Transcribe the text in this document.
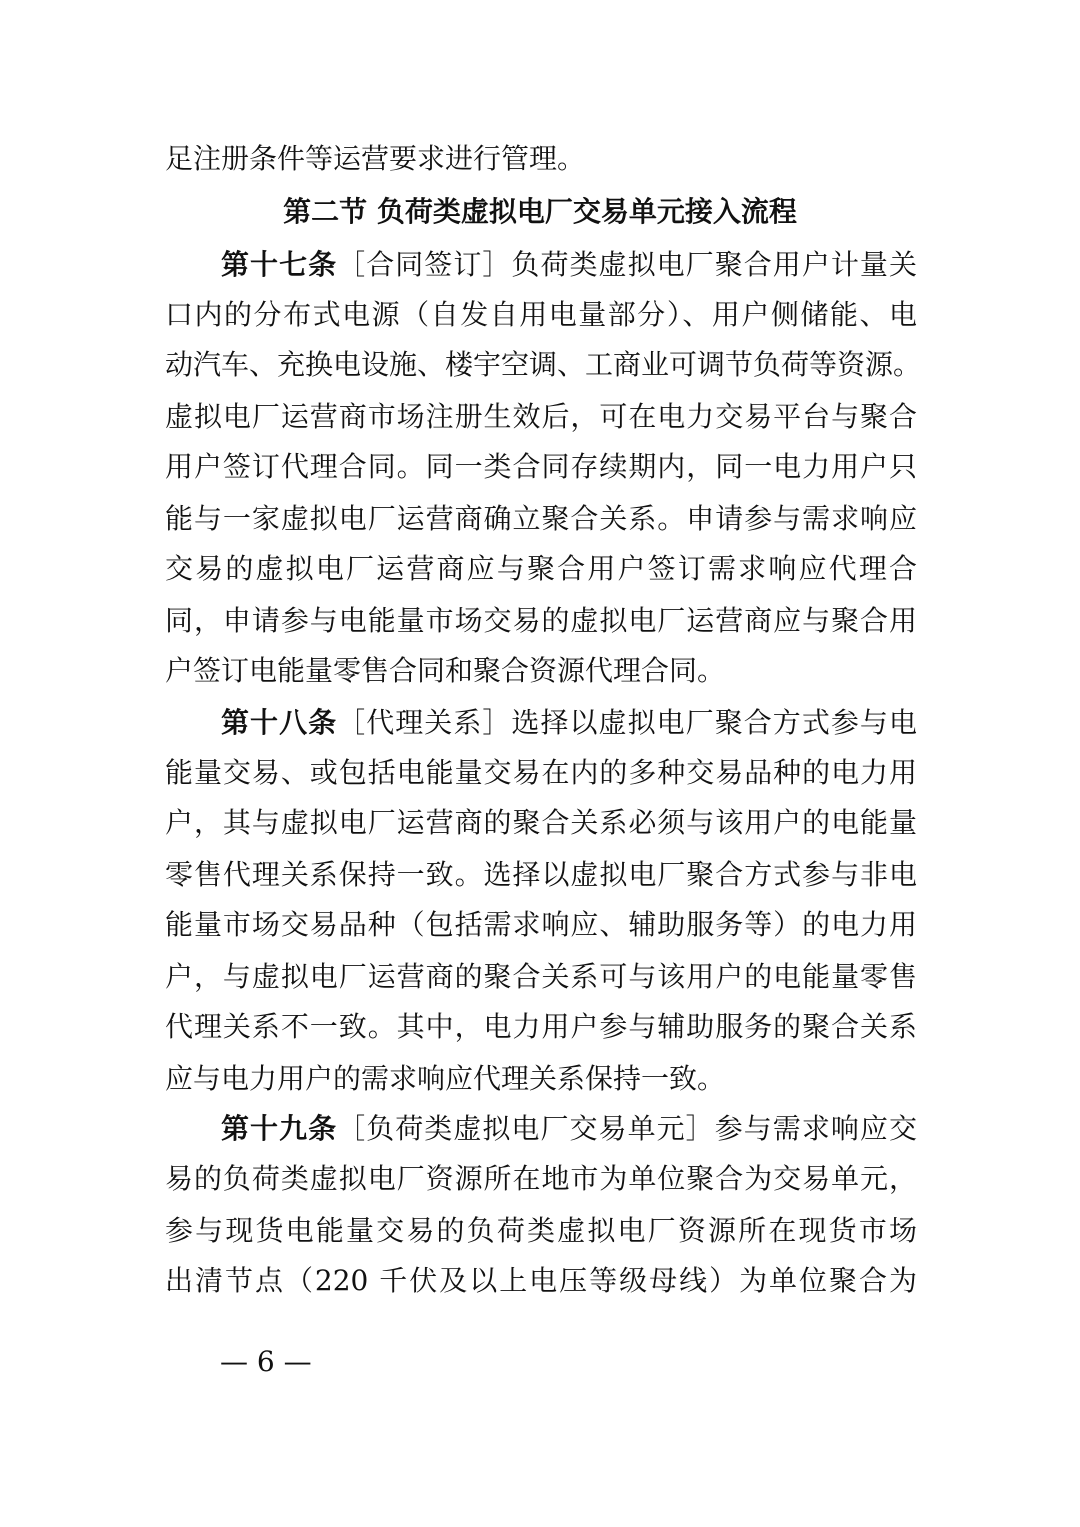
足注册条件等运营要求进行管理。
第二节 负荷类虚拟电厂交易单元接入流程
第十七条［合同签订］负荷类虚拟电厂聚合用户计量关
口内的分布式电源（自发自用电量部分）、用户侧储能、电
动汽车、充换电设施、楼宇空调、工商业可调节负荷等资源。
虚拟电厂运营商市场注册生效后，可在电力交易平台与聚合
用户签订代理合同。同一类合同存续期内，同一电力用户只
能与一家虚拟电厂运营商确立聚合关系。申请参与需求响应
交易的虚拟电厂运营商应与聚合用户签订需求响应代理合
同，申请参与电能量市场交易的虚拟电厂运营商应与聚合用
户签订电能量零售合同和聚合资源代理合同。
第十八条［代理关系］选择以虚拟电厂聚合方式参与电
能量交易、或包括电能量交易在内的多种交易品种的电力用
户，其与虚拟电厂运营商的聚合关系必须与该用户的电能量
零售代理关系保持一致。选择以虚拟电厂聚合方式参与非电
能量市场交易品种（包括需求响应、辅助服务等）的电力用
户，与虚拟电厂运营商的聚合关系可与该用户的电能量零售
代理关系不一致。其中，电力用户参与辅助服务的聚合关系
应与电力用户的需求响应代理关系保持一致。
第十九条［负荷类虚拟电厂交易单元］参与需求响应交
易的负荷类虚拟电厂资源所在地市为单位聚合为交易单元，
参与现货电能量交易的负荷类虚拟电厂资源所在现货市场
出清节点（220 千伏及以上电压等级母线）为单位聚合为
— 6 —
